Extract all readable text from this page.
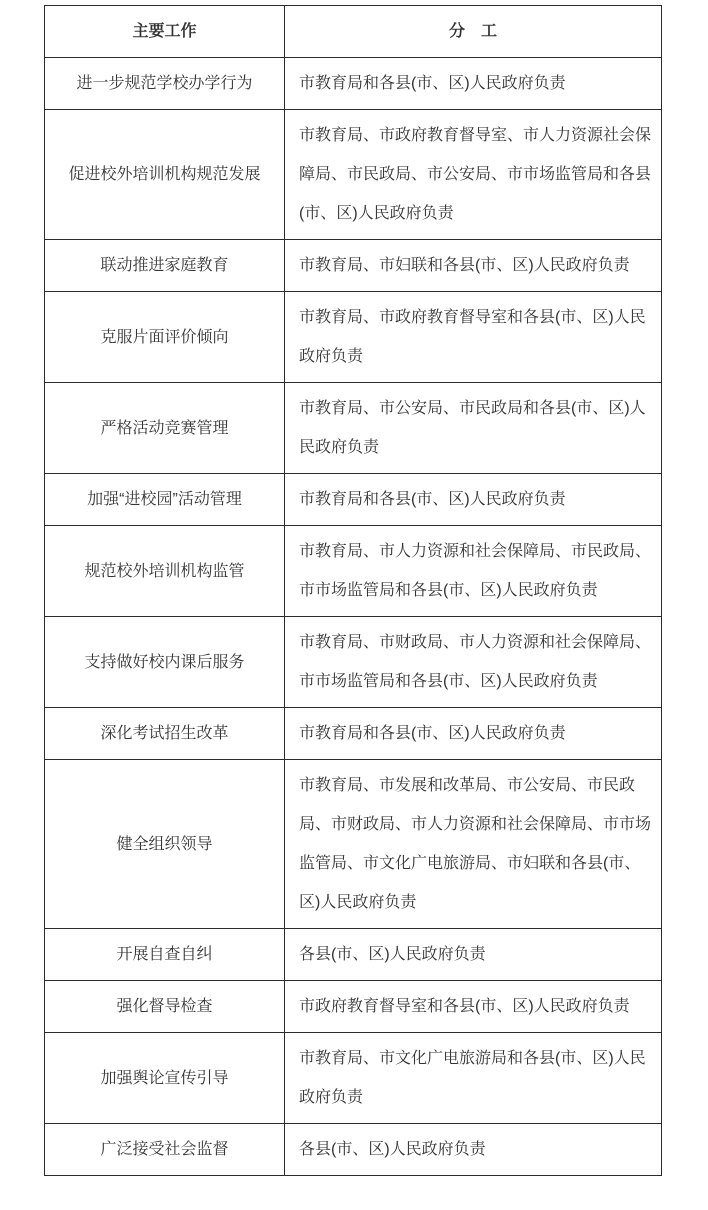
主要工作	分　工
进一步规范学校办学行为	市教育局和各县(市、区)人民政府负责
促进校外培训机构规范发展	市教育局、市政府教育督导室、市人力资源社会保障局、市民政局、市公安局、市市场监管局和各县(市、区)人民政府负责
联动推进家庭教育	市教育局、市妇联和各县(市、区)人民政府负责
克服片面评价倾向	市教育局、市政府教育督导室和各县(市、区)人民政府负责
严格活动竞赛管理	市教育局、市公安局、市民政局和各县(市、区)人民政府负责
加强“进校园”活动管理	市教育局和各县(市、区)人民政府负责
规范校外培训机构监管	市教育局、市人力资源和社会保障局、市民政局、市市场监管局和各县(市、区)人民政府负责
支持做好校内课后服务	市教育局、市财政局、市人力资源和社会保障局、市市场监管局和各县(市、区)人民政府负责
深化考试招生改革	市教育局和各县(市、区)人民政府负责
健全组织领导	市教育局、市发展和改革局、市公安局、市民政局、市财政局、市人力资源和社会保障局、市市场监管局、市文化广电旅游局、市妇联和各县(市、区)人民政府负责
开展自查自纠	各县(市、区)人民政府负责
强化督导检查	市政府教育督导室和各县(市、区)人民政府负责
加强舆论宣传引导	市教育局、市文化广电旅游局和各县(市、区)人民政府负责
广泛接受社会监督	各县(市、区)人民政府负责
